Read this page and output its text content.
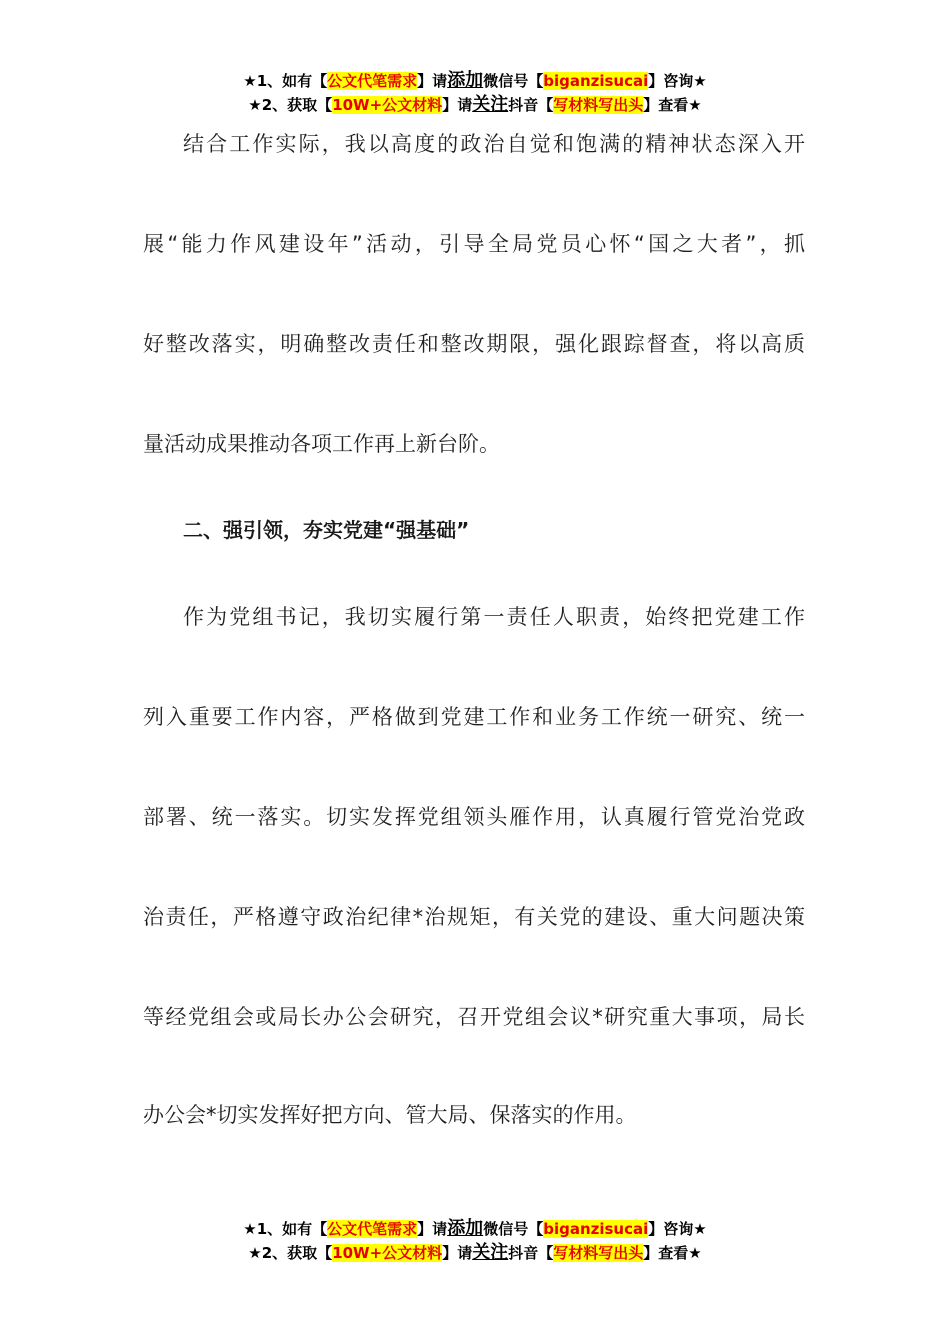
★1、如有【公文代笔需求】请添加微信号【biganzisucai】咨询★
★2、获取【10W+公文材料】请关注抖音【写材料写出头】查看★
结合工作实际，我以高度的政治自觉和饱满的精神状态深入开
展“能力作风建设年”活动，引导全局党员心怀“国之大者”，抓
好整改落实，明确整改责任和整改期限，强化跟踪督查，将以高质
量活动成果推动各项工作再上新台阶。
二、强引领，夯实党建“强基础”
作为党组书记，我切实履行第一责任人职责，始终把党建工作
列入重要工作内容，严格做到党建工作和业务工作统一研究、统一
部署、统一落实。切实发挥党组领头雁作用，认真履行管党治党政
治责任，严格遵守政治纪律*治规矩，有关党的建设、重大问题决策
等经党组会或局长办公会研究，召开党组会议*研究重大事项，局长
办公会*切实发挥好把方向、管大局、保落实的作用。
★1、如有【公文代笔需求】请添加微信号【biganzisucai】咨询★
★2、获取【10W+公文材料】请关注抖音【写材料写出头】查看★
